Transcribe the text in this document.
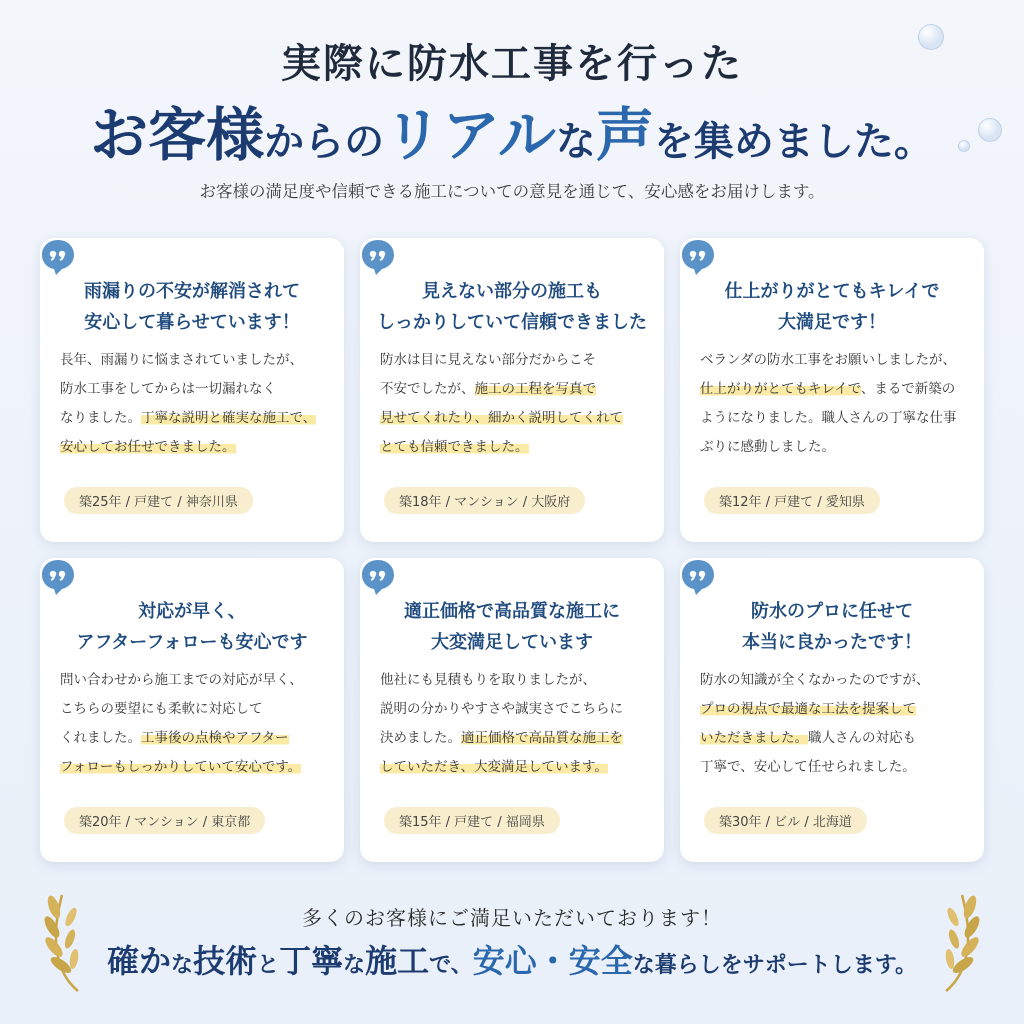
実際に防水工事を行った
お客様からのリアルな声を集めました。
お客様の満足度や信頼できる施工についての意見を通じて、安心感をお届けします。
雨漏りの不安が解消されて
安心して暮らせています！
長年、雨漏りに悩まされていましたが、
防水工事をしてからは一切漏れなく
なりました。丁寧な説明と確実な施工で、
安心してお任せできました。
築25年 / 戸建て / 神奈川県
見えない部分の施工も
しっかりしていて信頼できました
防水は目に見えない部分だからこそ
不安でしたが、施工の工程を写真で
見せてくれたり、細かく説明してくれて
とても信頼できました。
築18年 / マンション / 大阪府
仕上がりがとてもキレイで
大満足です！
ベランダの防水工事をお願いしましたが、
仕上がりがとてもキレイで、まるで新築の
ようになりました。職人さんの丁寧な仕事
ぶりに感動しました。
築12年 / 戸建て / 愛知県
対応が早く、
アフターフォローも安心です
問い合わせから施工までの対応が早く、
こちらの要望にも柔軟に対応して
くれました。工事後の点検やアフター
フォローもしっかりしていて安心です。
築20年 / マンション / 東京都
適正価格で高品質な施工に
大変満足しています
他社にも見積もりを取りましたが、
説明の分かりやすさや誠実さでこちらに
決めました。適正価格で高品質な施工を
していただき、大変満足しています。
築15年 / 戸建て / 福岡県
防水のプロに任せて
本当に良かったです！
防水の知識が全くなかったのですが、
プロの視点で最適な工法を提案して
いただきました。職人さんの対応も
丁寧で、安心して任せられました。
築30年 / ビル / 北海道
多くのお客様にご満足いただいております！
確かな技術と丁寧な施工で、安心・安全な暮らしをサポートします。
